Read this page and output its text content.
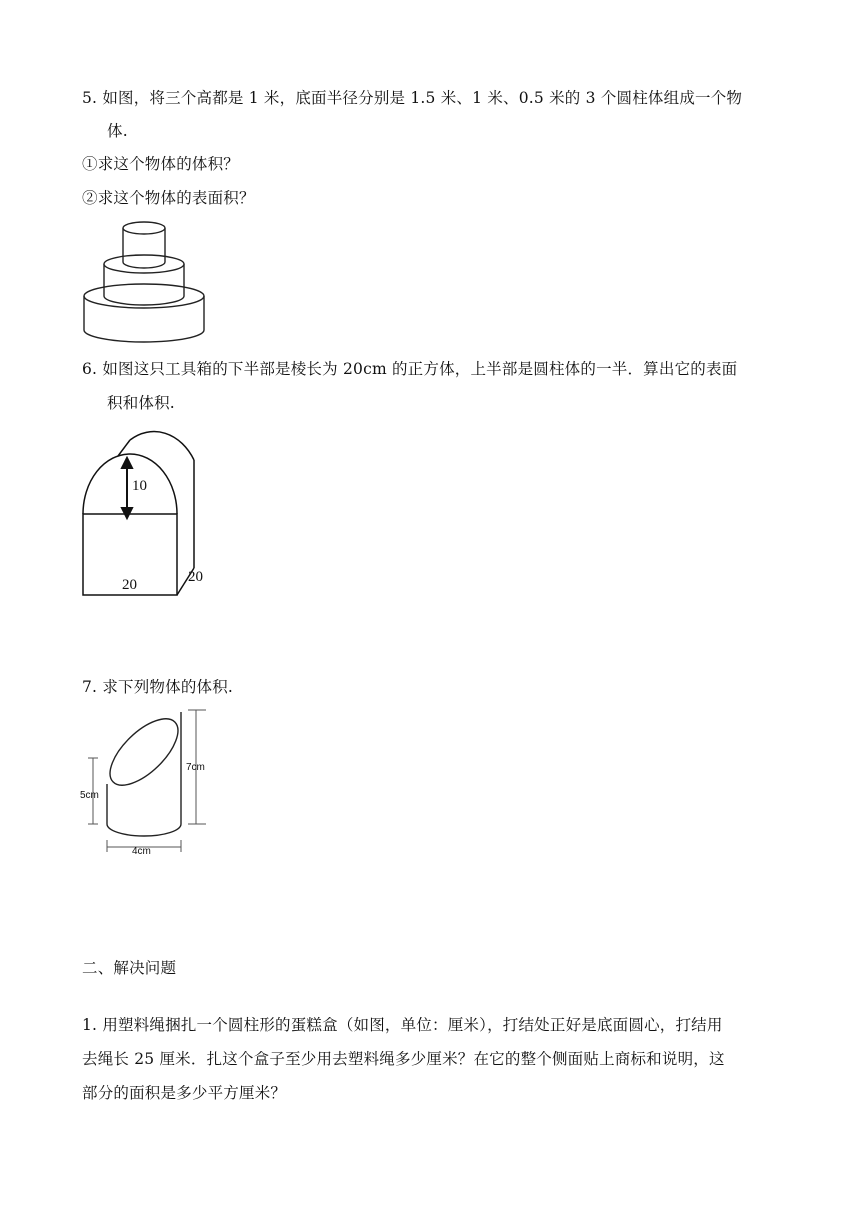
5. 如图，将三个高都是 1 米，底面半径分别是 1.5 米、1 米、0.5 米的 3 个圆柱体组成一个物
体.
①求这个物体的体积？
②求这个物体的表面积？
6. 如图这只工具箱的下半部是棱长为 20cm 的正方体，上半部是圆柱体的一半．算出它的表面
积和体积.
10
20	20
7. 求下列物体的体积.
5cm
7cm
4cm
二、解决问题
1. 用塑料绳捆扎一个圆柱形的蛋糕盒（如图，单位：厘米），打结处正好是底面圆心，打结用
去绳长 25 厘米．扎这个盒子至少用去塑料绳多少厘米？在它的整个侧面贴上商标和说明，这
部分的面积是多少平方厘米？
